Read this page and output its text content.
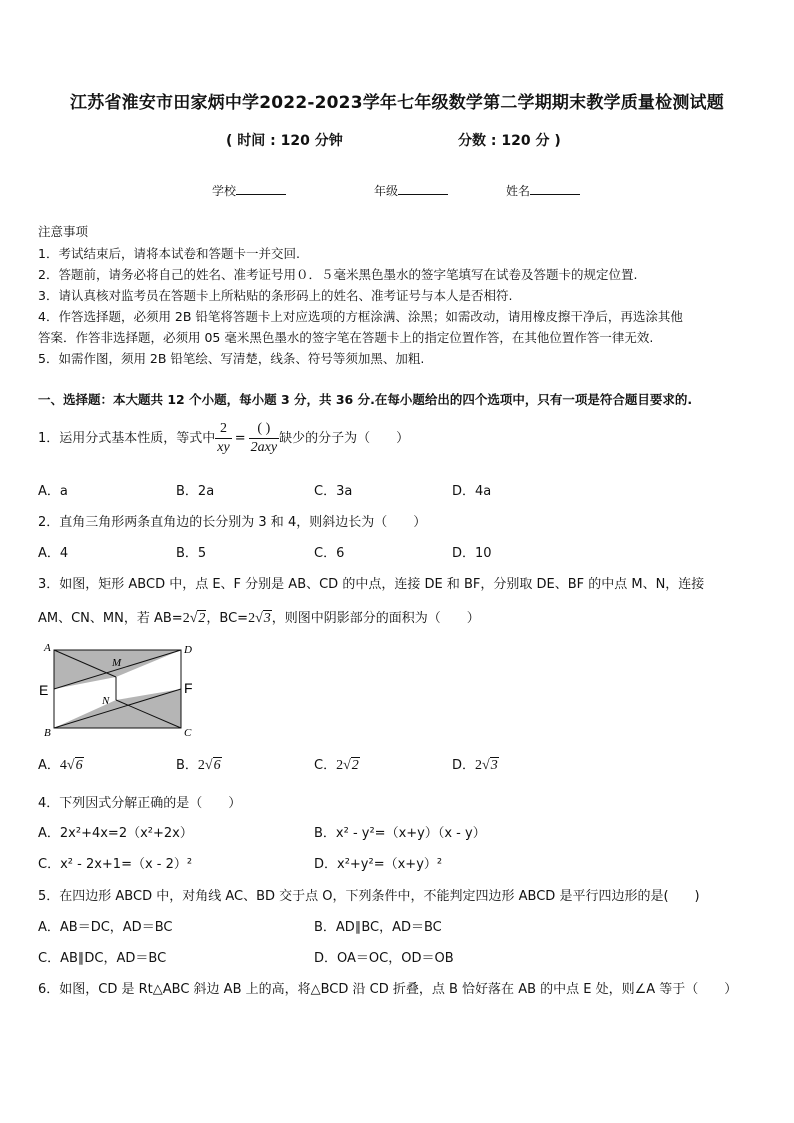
江苏省淮安市田家炳中学2022-2023学年七年级数学第二学期期末教学质量检测试题
( 时间 : 120 分钟	分数 : 120 分 )
学校	年级	姓名
注意事项
1．考试结束后，请将本试卷和答题卡一并交回.
2．答题前，请务必将自己的姓名、准考证号用０．５毫米黑色墨水的签字笔填写在试卷及答题卡的规定位置.
3．请认真核对监考员在答题卡上所粘贴的条形码上的姓名、准考证号与本人是否相符.
4．作答选择题，必须用 2B 铅笔将答题卡上对应选项的方框涂满、涂黑；如需改动，请用橡皮擦干净后，再选涂其他
答案．作答非选择题，必须用 05 毫米黑色墨水的签字笔在答题卡上的指定位置作答，在其他位置作答一律无效.
5．如需作图，须用 2B 铅笔绘、写清楚，线条、符号等须加黑、加粗.
一、选择题：本大题共 12 个小题，每小题 3 分，共 36 分.在每小题给出的四个选项中，只有一项是符合题目要求的.
1．运用分式基本性质，等式中 $\frac{2}{xy} = \frac{( )}{\text{2axy}}$ 缺少的分子为（　　）
A．a	B．2a	C．3a	D．4a
2．直角三角形两条直角边的长分别为 3 和 4，则斜边长为（　　）
A．4	B．5	C．6	D．10
3．如图，矩形 ABCD 中，点 E、F 分别是 AB、CD 的中点，连接 DE 和 BF，分别取 DE、BF 的中点 M、N，连接
AM、CN、MN，若 AB=2√2，BC=2√3，则图中阴影部分的面积为（　　）
A	D
B	C
E	F
M
N
A．4√6	B．2√6	C．2√2	D．2√3
4．下列因式分解正确的是（　　）
A．2x²+4x=2（x²+2x）	B．x² - y²=（x+y）（x - y）
C．x² - 2x+1=（x - 2）²	D．x²+y²=（x+y）²
5．在四边形 ABCD 中，对角线 AC、BD 交于点 O，下列条件中，不能判定四边形 ABCD 是平行四边形的是(　　)
A．AB＝DC，AD＝BC	B．AD∥BC，AD＝BC
C．AB∥DC，AD＝BC	D．OA＝OC，OD＝OB
6．如图，CD 是 Rt△ABC 斜边 AB 上的高，将△BCD 沿 CD 折叠，点 B 恰好落在 AB 的中点 E 处，则∠A 等于（　　）
